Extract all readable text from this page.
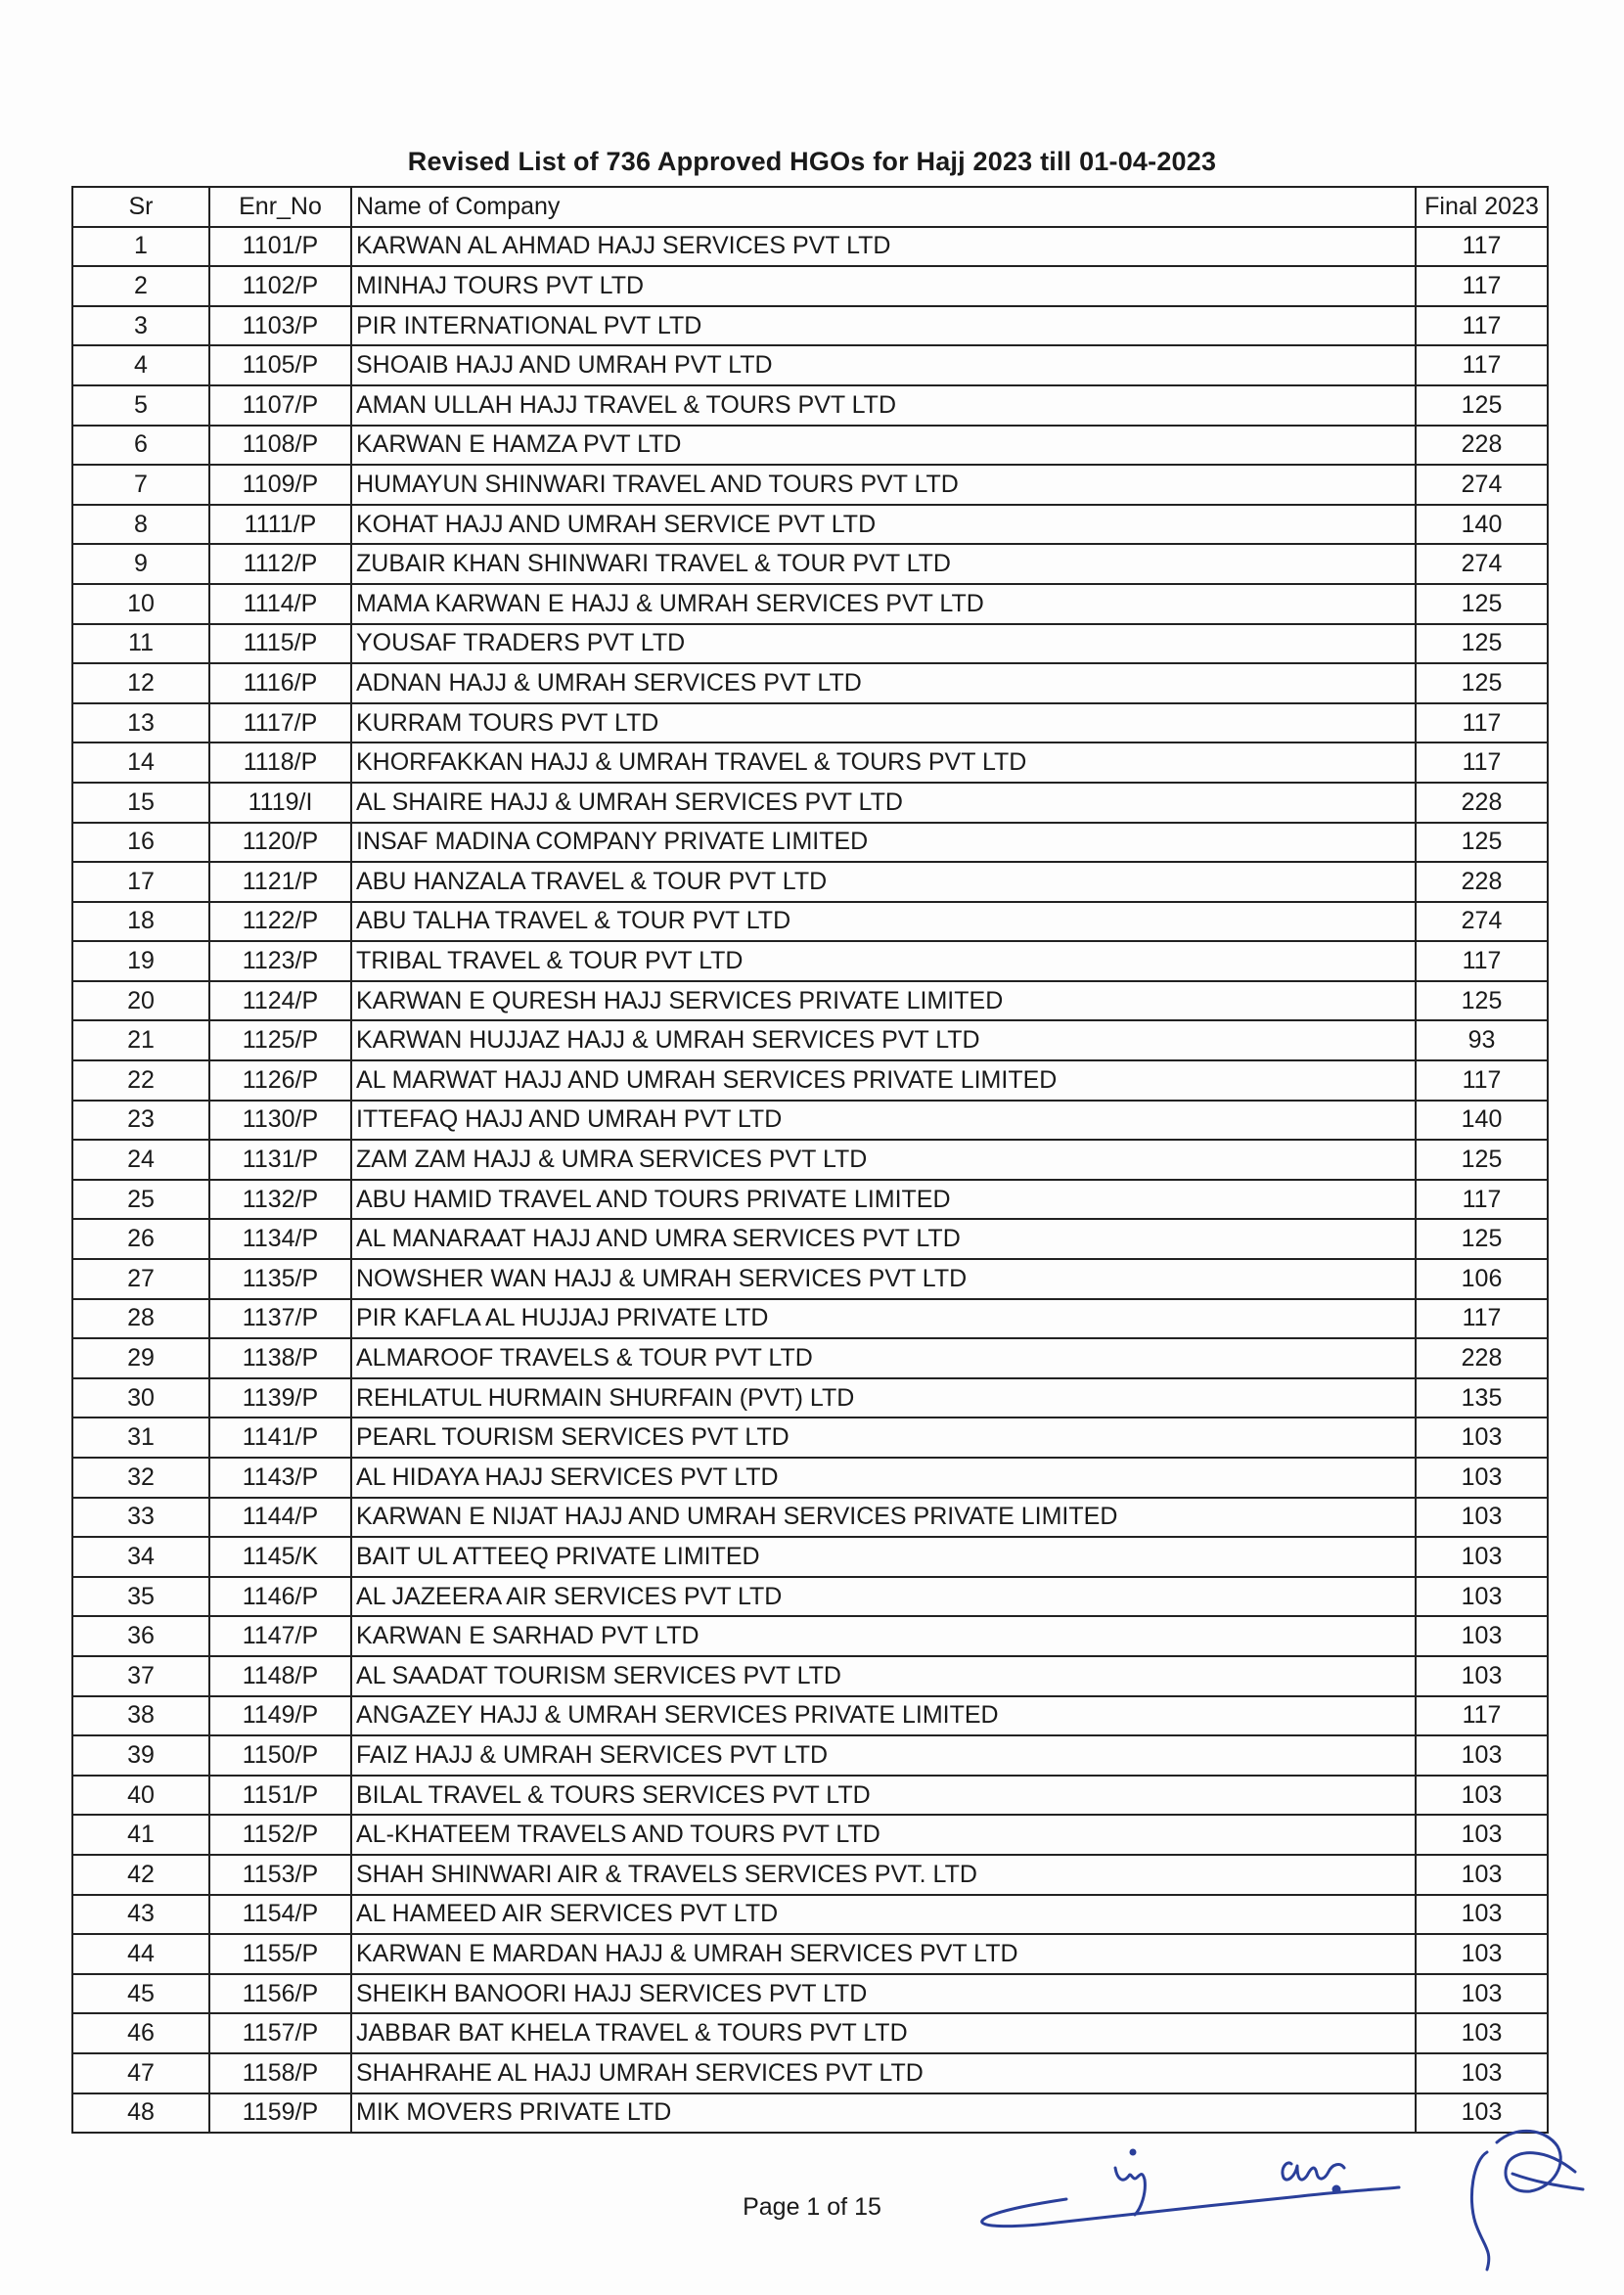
Revised List of 736 Approved HGOs for Hajj 2023 till 01-04-2023
Sr	Enr_No	Name of Company	Final 2023
1	1101/P	KARWAN AL AHMAD HAJJ SERVICES PVT LTD	117
2	1102/P	MINHAJ TOURS PVT LTD	117
3	1103/P	PIR INTERNATIONAL PVT LTD	117
4	1105/P	SHOAIB HAJJ AND UMRAH PVT LTD	117
5	1107/P	AMAN ULLAH HAJJ TRAVEL & TOURS PVT LTD	125
6	1108/P	KARWAN E HAMZA PVT LTD	228
7	1109/P	HUMAYUN SHINWARI TRAVEL AND TOURS PVT LTD	274
8	1111/P	KOHAT HAJJ AND UMRAH SERVICE PVT LTD	140
9	1112/P	ZUBAIR KHAN SHINWARI TRAVEL & TOUR PVT LTD	274
10	1114/P	MAMA KARWAN E HAJJ & UMRAH SERVICES PVT LTD	125
11	1115/P	YOUSAF TRADERS PVT LTD	125
12	1116/P	ADNAN HAJJ & UMRAH SERVICES PVT LTD	125
13	1117/P	KURRAM TOURS PVT LTD	117
14	1118/P	KHORFAKKAN HAJJ & UMRAH TRAVEL & TOURS PVT LTD	117
15	1119/I	AL SHAIRE HAJJ & UMRAH SERVICES PVT LTD	228
16	1120/P	INSAF MADINA COMPANY PRIVATE LIMITED	125
17	1121/P	ABU HANZALA TRAVEL & TOUR PVT LTD	228
18	1122/P	ABU TALHA TRAVEL & TOUR PVT LTD	274
19	1123/P	TRIBAL TRAVEL & TOUR PVT LTD	117
20	1124/P	KARWAN E QURESH HAJJ SERVICES PRIVATE LIMITED	125
21	1125/P	KARWAN HUJJAZ HAJJ & UMRAH SERVICES PVT LTD	93
22	1126/P	AL MARWAT HAJJ AND UMRAH SERVICES PRIVATE LIMITED	117
23	1130/P	ITTEFAQ HAJJ AND UMRAH PVT LTD	140
24	1131/P	ZAM ZAM HAJJ & UMRA SERVICES PVT LTD	125
25	1132/P	ABU HAMID TRAVEL AND TOURS PRIVATE LIMITED	117
26	1134/P	AL MANARAAT HAJJ AND UMRA SERVICES PVT LTD	125
27	1135/P	NOWSHER WAN HAJJ & UMRAH SERVICES PVT LTD	106
28	1137/P	PIR KAFLA AL HUJJAJ PRIVATE LTD	117
29	1138/P	ALMAROOF TRAVELS & TOUR PVT LTD	228
30	1139/P	REHLATUL HURMAIN SHURFAIN (PVT) LTD	135
31	1141/P	PEARL TOURISM SERVICES PVT LTD	103
32	1143/P	AL HIDAYA HAJJ SERVICES PVT LTD	103
33	1144/P	KARWAN E NIJAT HAJJ AND UMRAH SERVICES PRIVATE LIMITED	103
34	1145/K	BAIT UL ATTEEQ PRIVATE LIMITED	103
35	1146/P	AL JAZEERA AIR SERVICES PVT LTD	103
36	1147/P	KARWAN E SARHAD PVT LTD	103
37	1148/P	AL SAADAT TOURISM SERVICES PVT LTD	103
38	1149/P	ANGAZEY HAJJ & UMRAH SERVICES PRIVATE LIMITED	117
39	1150/P	FAIZ HAJJ & UMRAH SERVICES PVT LTD	103
40	1151/P	BILAL TRAVEL & TOURS SERVICES PVT LTD	103
41	1152/P	AL-KHATEEM TRAVELS AND TOURS PVT LTD	103
42	1153/P	SHAH SHINWARI AIR & TRAVELS SERVICES PVT. LTD	103
43	1154/P	AL HAMEED AIR SERVICES PVT LTD	103
44	1155/P	KARWAN E MARDAN HAJJ & UMRAH SERVICES PVT LTD	103
45	1156/P	SHEIKH BANOORI HAJJ SERVICES PVT LTD	103
46	1157/P	JABBAR BAT KHELA TRAVEL & TOURS PVT LTD	103
47	1158/P	SHAHRAHE AL HAJJ UMRAH SERVICES PVT LTD	103
48	1159/P	MIK MOVERS PRIVATE LTD	103
Page 1 of 15
